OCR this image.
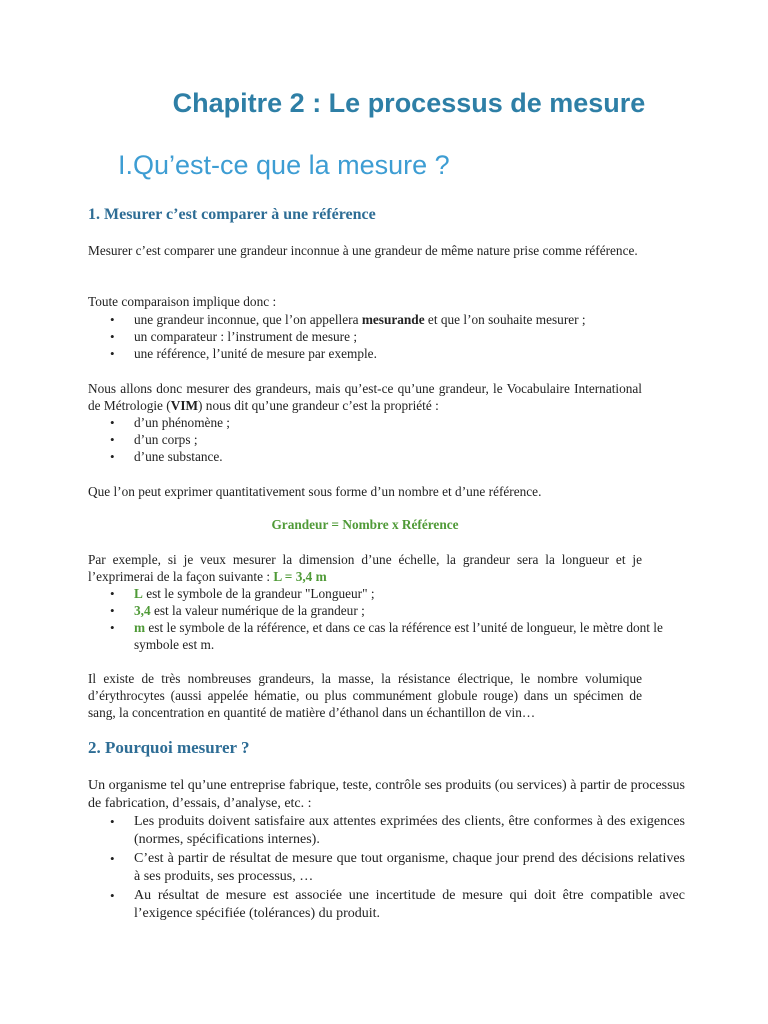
Chapitre 2 : Le processus de mesure
I.Qu’est-ce que la mesure ?
1. Mesurer c’est comparer à une référence

Mesurer c’est comparer une grandeur inconnue à une grandeur de même nature prise comme référence.

Toute comparaison implique donc :

• une grandeur inconnue, que l’on appellera mesurande et que l’on souhaite mesurer ;
• un comparateur : l’instrument de mesure ;
• une référence, l’unité de mesure par exemple.

Nous allons donc mesurer des grandeurs, mais qu’est-ce qu’une grandeur, le Vocabulaire International de Métrologie (VIM) nous dit qu’une grandeur c’est la propriété :

• d’un phénomène ;
• d’un corps ;
• d’une substance.

Que l’on peut exprimer quantitativement sous forme d’un nombre et d’une référence.

Grandeur = Nombre x Référence

Par exemple, si je veux mesurer la dimension d’une échelle, la grandeur sera la longueur et je l’exprimerai de la façon suivante : L = 3,4 m

• L est le symbole de la grandeur "Longueur" ;
• 3,4 est la valeur numérique de la grandeur ;
• m est le symbole de la référence, et dans ce cas la référence est l’unité de longueur, le mètre dont le symbole est m.

Il existe de très nombreuses grandeurs, la masse, la résistance électrique, le nombre volumique d’érythrocytes (aussi appelée hématie, ou plus communément globule rouge) dans un spécimen de sang, la concentration en quantité de matière d’éthanol dans un échantillon de vin…

2. Pourquoi mesurer ?

Un organisme tel qu’une entreprise fabrique, teste, contrôle ses produits (ou services) à partir de processus de fabrication, d’essais, d’analyse, etc. :

• Les produits doivent satisfaire aux attentes exprimées des clients, être conformes à des exigences (normes, spécifications internes).
• C’est à partir de résultat de mesure que tout organisme, chaque jour prend des décisions relatives à ses produits, ses processus, …
• Au résultat de mesure est associée une incertitude de mesure qui doit être compatible avec l’exigence spécifiée (tolérances) du produit.
